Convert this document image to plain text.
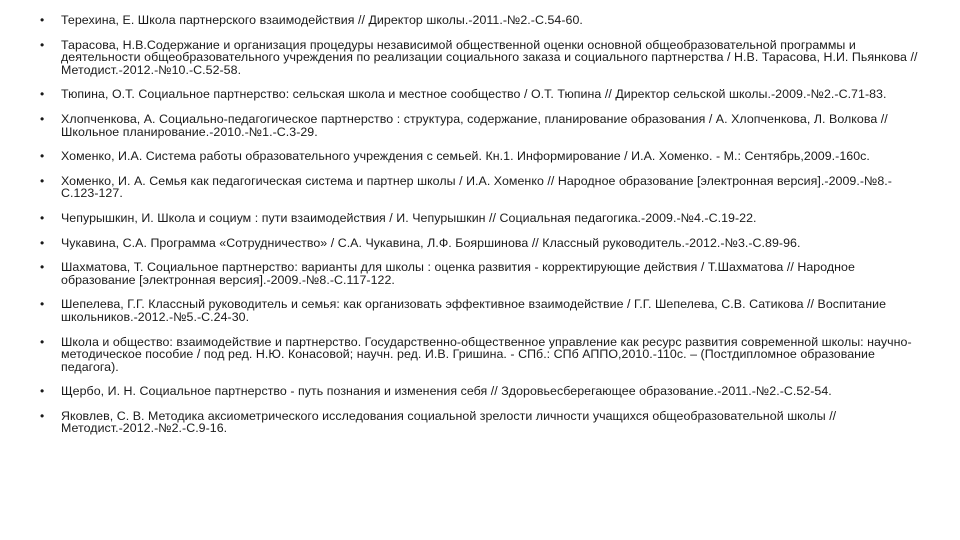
• Терехина, Е. Школа партнерского взаимодействия // Директор школы.-2011.-№2.-С.54-60.
• Тарасова, Н.В.Содержание и организация процедуры независимой общественной оценки основной общеобразовательной программы и деятельности общеобразовательного учреждения по реализации социального заказа и социального партнерства / Н.В. Тарасова, Н.И. Пьянкова //Методист.-2012.-№10.-С.52-58.
• Тюпина, О.Т. Социальное партнерство: сельская школа и местное сообщество / О.Т. Тюпина // Директор сельской школы.-2009.-№2.-С.71-83.
• Хлопченкова, А. Социально-педагогическое партнерство : структура, содержание, планирование образования / А. Хлопченкова, Л. Волкова // Школьное планирование.-2010.-№1.-С.3-29.
• Хоменко, И.А. Система работы образовательного учреждения с семьей. Кн.1. Информирование / И.А. Хоменко. - М.: Сентябрь,2009.-160с.
• Хоменко, И. А. Семья как педагогическая система и партнер школы / И.А. Хоменко // Народное образование [электронная версия].-2009.-№8.-С.123-127.
• Чепурышкин, И. Школа и социум : пути взаимодействия / И. Чепурышкин // Социальная педагогика.-2009.-№4.-С.19-22.
• Чукавина, С.А. Программа «Сотрудничество» / С.А. Чукавина, Л.Ф. Бояршинова // Классный руководитель.-2012.-№3.-С.89-96.
• Шахматова, Т. Социальное партнерство: варианты для школы : оценка развития - корректирующие действия / Т.Шахматова // Народное образование [электронная версия].-2009.-№8.-С.117-122.
• Шепелева, Г.Г. Классный руководитель и семья: как организовать эффективное взаимодействие / Г.Г. Шепелева, С.В. Сатикова // Воспитание школьников.-2012.-№5.-С.24-30.
• Школа и общество: взаимодействие и партнерство. Государственно-общественное управление как ресурс развития современной школы: научно-методическое пособие / под ред. Н.Ю. Конасовой; научн. ред. И.В. Гришина. - СПб.: СПб АППО,2010.-110с. – (Постдипломное образование педагога).
• Щербо, И. Н. Социальное партнерство - путь познания и изменения себя // Здоровьесберегающее образование.-2011.-№2.-С.52-54.
• Яковлев, С. В. Методика аксиометрического исследования социальной зрелости личности учащихся общеобразовательной школы // Методист.-2012.-№2.-С.9-16.
